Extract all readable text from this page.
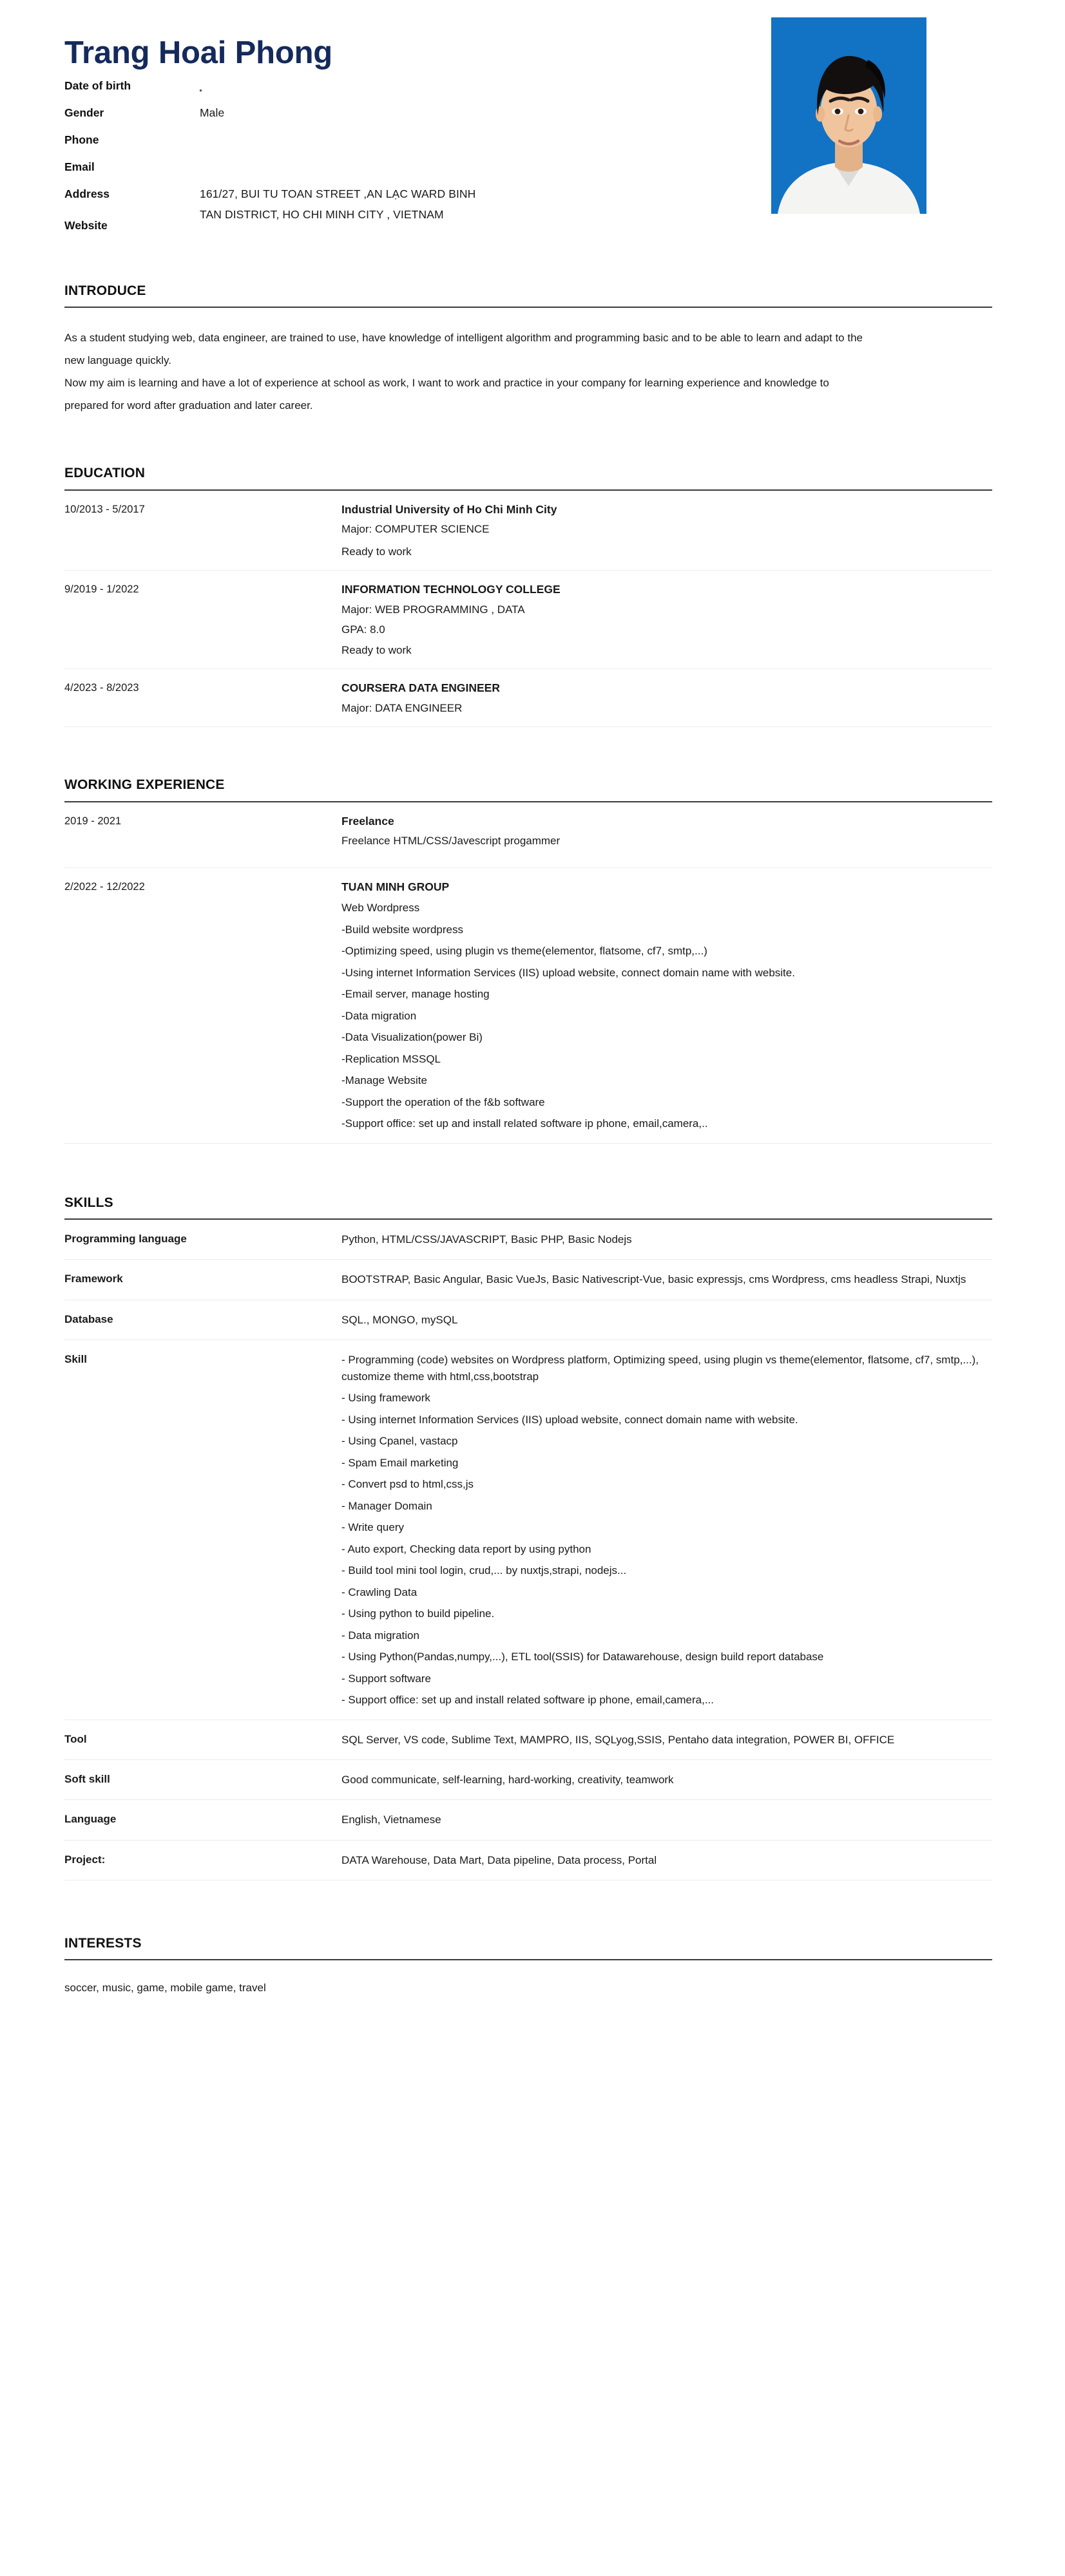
Trang Hoai Phong
Date of birth	
Gender	Male
Phone	
Email	
Address	161/27, BUI TU TOAN STREET ,AN LẠC WARD BINH
TAN DISTRICT, HO CHI MINH CITY , VIETNAM

Website	
INTRODUCE

As a student studying web, data engineer, are trained to use, have knowledge of intelligent algorithm and programming basic and to be able to learn and adapt to the new language quickly.

Now my aim is learning and have a lot of experience at school as work, I want to work and practice in your company for learning experience and knowledge to prepared for word after graduation and later career.

EDUCATION
10/2013 - 5/2017	Industrial University of Ho Chi Minh City
Major: COMPUTER SCIENCE
Ready to work

9/2019 - 1/2022	INFORMATION TECHNOLOGY COLLEGE
Major: WEB PROGRAMMING , DATA
GPA: 8.0
Ready to work

4/2023 - 8/2023	COURSERA DATA ENGINEER
Major: DATA ENGINEER
WORKING EXPERIENCE
2019 - 2021	Freelance
Freelance HTML/CSS/Javescript progammer

2/2022 - 12/2022	TUAN MINH GROUP
Web Wordpress
-Build website wordpress
-Optimizing speed, using plugin vs theme(elementor, flatsome, cf7, smtp,...)
-Using internet Information Services (IIS) upload website, connect domain name with website.
-Email server, manage hosting
-Data migration
-Data Visualization(power Bi)
-Replication MSSQL
-Manage Website
-Support the operation of the f&b software
-Support office: set up and install related software ip phone, email,camera,..
SKILLS
Programming language	Python, HTML/CSS/JAVASCRIPT, Basic PHP, Basic Nodejs

Framework	BOOTSTRAP, Basic Angular, Basic VueJs, Basic Nativescript-Vue, basic expressjs, cms Wordpress, cms headless Strapi, Nuxtjs

Database	SQL., MONGO, mySQL

Skill	- Programming (code) websites on Wordpress platform, Optimizing speed, using plugin vs theme(elementor, flatsome, cf7, smtp,...), customize theme with html,css,bootstrap
- Using framework
- Using internet Information Services (IIS) upload website, connect domain name with website.
- Using Cpanel, vastacp
- Spam Email marketing
- Convert psd to html,css,js
- Manager Domain
- Write query
- Auto export, Checking data report by using python
- Build tool mini tool login, crud,... by nuxtjs,strapi, nodejs...
- Crawling Data
- Using python to build pipeline.
- Data migration
- Using Python(Pandas,numpy,...), ETL tool(SSIS) for Datawarehouse, design build report database
- Support software
- Support office: set up and install related software ip phone, email,camera,...

Tool	SQL Server, VS code, Sublime Text, MAMPRO, IIS, SQLyog,SSIS, Pentaho data integration, POWER BI, OFFICE

Soft skill	Good communicate, self-learning, hard-working, creativity, teamwork

Language	English, Vietnamese

Project:	DATA Warehouse, Data Mart, Data pipeline, Data process, Portal
INTERESTS
soccer, music, game, mobile game, travel
